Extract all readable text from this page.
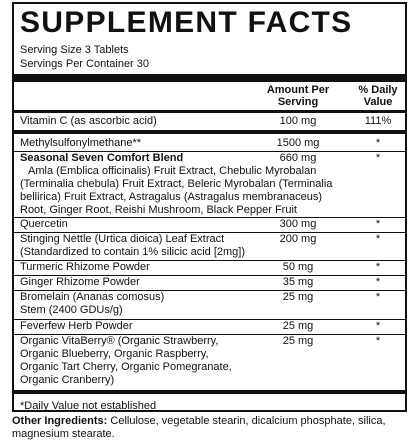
SUPPLEMENT FACTS
Serving Size 3 Tablets
Servings Per Container 30
Amount Per Serving
% Daily Value
Vitamin C (as ascorbic acid)	100 mg	111%
Methylsulfonylmethane**	1500 mg	*
Seasonal Seven Comfort Blend	660 mg	*
Amla (Emblica officinalis) Fruit Extract, Chebulic Myrobalan
(Terminalia chebula) Fruit Extract, Beleric Myrobalan (Terminalia
bellirica) Fruit Extract, Astragalus (Astragalus membranaceus)
Root, Ginger Root, Reishi Mushroom, Black Pepper Fruit
Quercetin	300 mg	*
Stinging Nettle (Urtica dioica) Leaf Extract	200 mg	*
(Standardized to contain 1% silicic acid [2mg])
Turmeric Rhizome Powder	50 mg	*
Ginger Rhizome Powder	35 mg	*
Bromelain (Ananas comosus)	25 mg	*
Stem (2400 GDUs/g)
Feverfew Herb Powder	25 mg	*
Organic VitaBerry® (Organic Strawberry,	25 mg	*
Organic Blueberry, Organic Raspberry,
Organic Tart Cherry, Organic Pomegranate,
Organic Cranberry)
*Daily Value not established
Other Ingredients: Cellulose, vegetable stearin, dicalcium phosphate, silica, magnesium stearate.
